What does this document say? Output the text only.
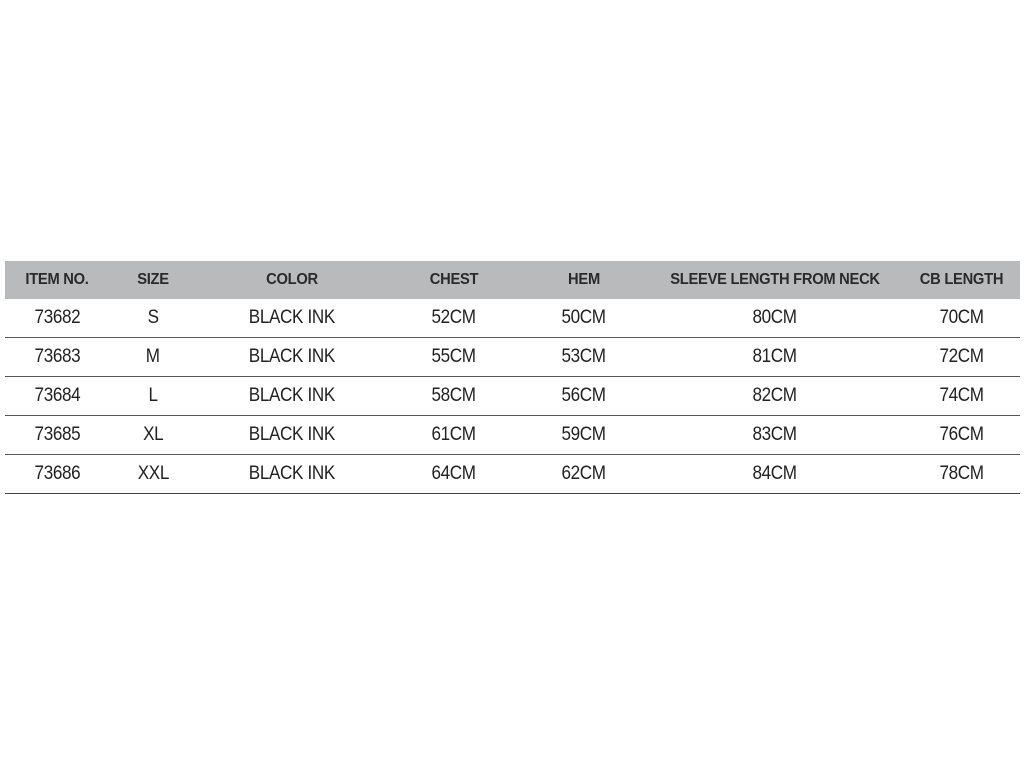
ITEM NO.	SIZE	COLOR	CHEST	HEM	SLEEVE LENGTH FROM NECK	CB LENGTH
73682	S	BLACK INK	52CM	50CM	80CM	70CM
73683	M	BLACK INK	55CM	53CM	81CM	72CM
73684	L	BLACK INK	58CM	56CM	82CM	74CM
73685	XL	BLACK INK	61CM	59CM	83CM	76CM
73686	XXL	BLACK INK	64CM	62CM	84CM	78CM
